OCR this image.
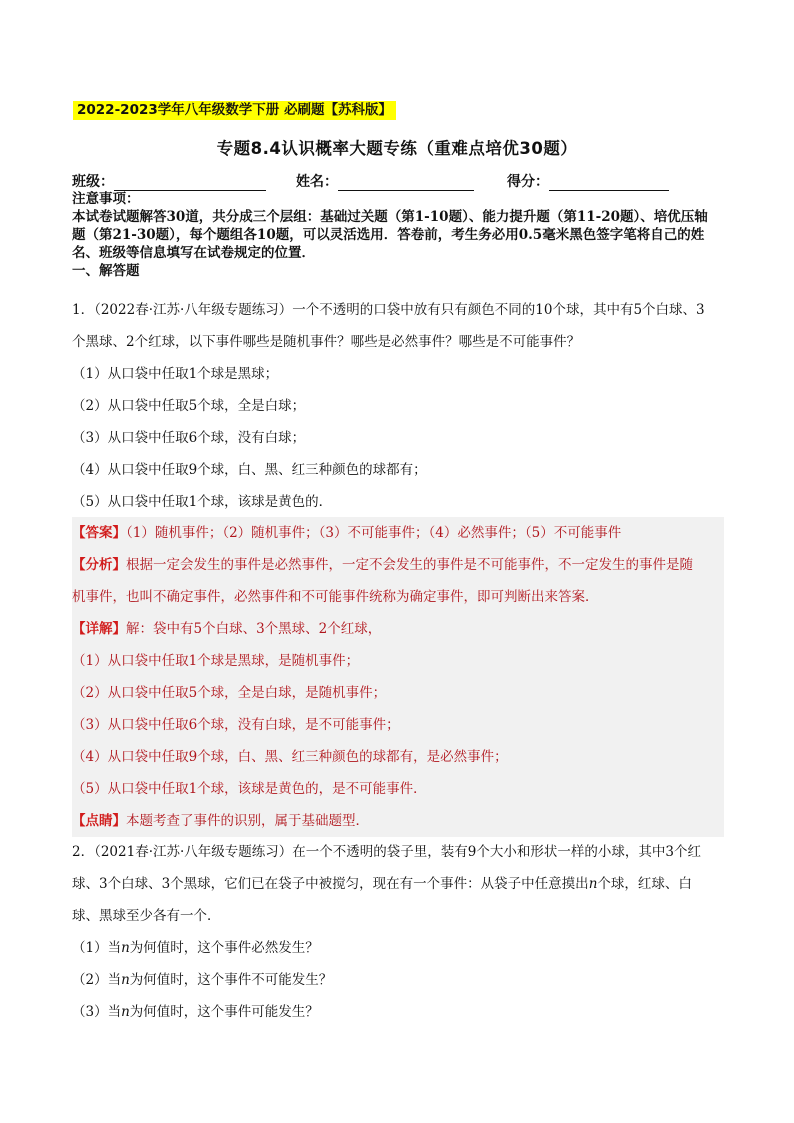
2022-2023学年八年级数学下册 必刷题【苏科版】
专题8.4认识概率大题专练（重难点培优30题）
班级：	姓名：	得分：

注意事项：

本试卷试题解答30道，共分成三个层组：基础过关题（第1-10题）、能力提升题（第11-20题）、培优压轴

题（第21-30题），每个题组各10题，可以灵活选用．答卷前，考生务必用0.5毫米黑色签字笔将自己的姓

名、班级等信息填写在试卷规定的位置．

一、解答题

1．（2022春·江苏·八年级专题练习）一个不透明的口袋中放有只有颜色不同的10个球，其中有5个白球、3

个黑球、2个红球，以下事件哪些是随机事件？哪些是必然事件？哪些是不可能事件？

（1）从口袋中任取1个球是黑球；

（2）从口袋中任取5个球，全是白球；

（3）从口袋中任取6个球，没有白球；

（4）从口袋中任取9个球，白、黑、红三种颜色的球都有；

（5）从口袋中任取1个球，该球是黄色的．

【答案】（1）随机事件；（2）随机事件；（3）不可能事件；（4）必然事件；（5）不可能事件

【分析】根据一定会发生的事件是必然事件，一定不会发生的事件是不可能事件，不一定发生的事件是随

机事件，也叫不确定事件，必然事件和不可能事件统称为确定事件，即可判断出来答案．

【详解】解：袋中有5个白球、3个黑球、2个红球，

（1）从口袋中任取1个球是黑球，是随机事件；

（2）从口袋中任取5个球，全是白球，是随机事件；

（3）从口袋中任取6个球，没有白球，是不可能事件；

（4）从口袋中任取9个球，白、黑、红三种颜色的球都有，是必然事件；

（5）从口袋中任取1个球，该球是黄色的，是不可能事件．

【点睛】本题考查了事件的识别，属于基础题型．

2．（2021春·江苏·八年级专题练习）在一个不透明的袋子里，装有9个大小和形状一样的小球，其中3个红

球、3个白球、3个黑球，它们已在袋子中被搅匀，现在有一个事件：从袋子中任意摸出n个球，红球、白

球、黑球至少各有一个．

（1）当n为何值时，这个事件必然发生？

（2）当n为何值时，这个事件不可能发生？

（3）当n为何值时，这个事件可能发生？
